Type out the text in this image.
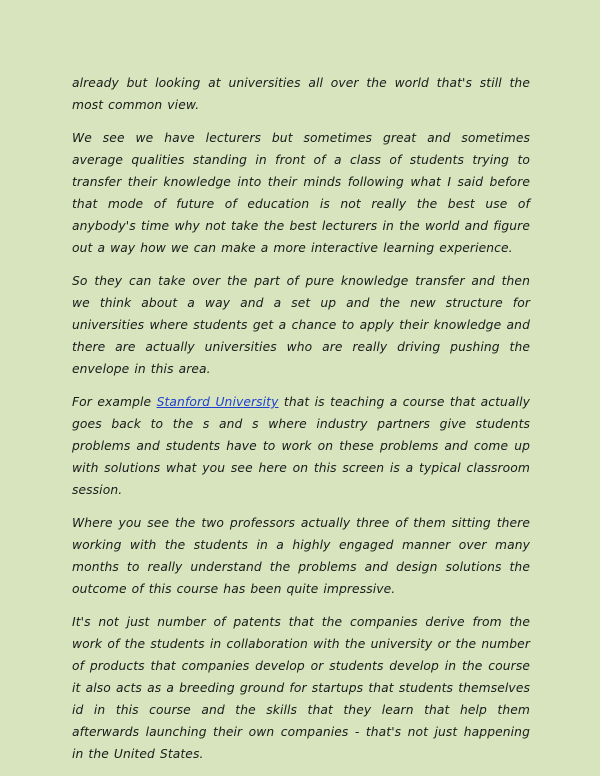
already but looking at universities all over the world that's still the most common view.

We see we have lecturers but sometimes great and sometimes average qualities standing in front of a class of students trying to transfer their knowledge into their minds following what I said before that mode of future of education is not really the best use of anybody's time why not take the best lecturers in the world and figure out a way how we can make a more interactive learning experience.

So they can take over the part of pure knowledge transfer and then we think about a way and a set up and the new structure for universities where students get a chance to apply their knowledge and there are actually universities who are really driving pushing the envelope in this area.

For example Stanford University that is teaching a course that actually goes back to the s and s where industry partners give students problems and students have to work on these problems and come up with solutions what you see here on this screen is a typical classroom session.

Where you see the two professors actually three of them sitting there working with the students in a highly engaged manner over many months to really understand the problems and design solutions the outcome of this course has been quite impressive.

It's not just number of patents that the companies derive from the work of the students in collaboration with the university or the number of products that companies develop or students develop in the course it also acts as a breeding ground for startups that students themselves id in this course and the skills that they learn that help them afterwards launching their own companies - that's not just happening in the United States.
